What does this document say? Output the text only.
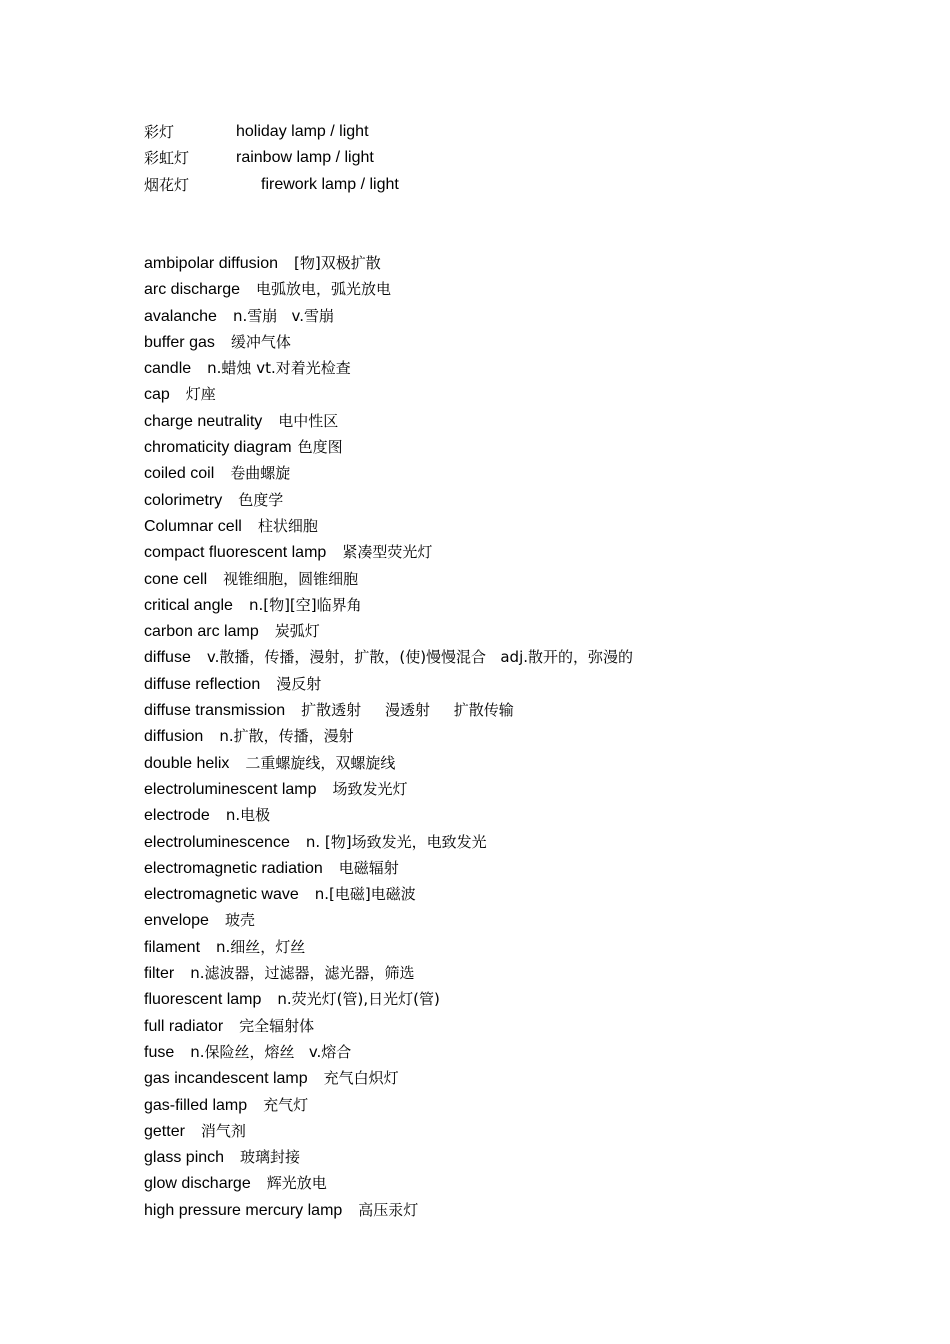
彩灯	holiday lamp / light
彩虹灯	rainbow lamp / light
烟花灯	firework lamp / light
ambipolar diffusion [物]双极扩散
arc discharge 电弧放电，弧光放电
avalanche n.雪崩   v.雪崩
buffer gas 缓冲气体
candle n.蜡烛 vt.对着光检查
cap 灯座
charge neutrality 电中性区
chromaticity diagram 色度图
coiled coil 卷曲螺旋
colorimetry 色度学
Columnar cell 柱状细胞
compact fluorescent lamp 紧凑型荧光灯
cone cell 视锥细胞，圆锥细胞
critical angle n.[物][空]临界角
carbon arc lamp 炭弧灯
diffuse v.散播，传播，漫射，扩散，(使)慢慢混合   adj.散开的，弥漫的
diffuse reflection 漫反射
diffuse transmission 扩散透射     漫透射     扩散传输
diffusion n.扩散，传播，漫射
double helix 二重螺旋线，双螺旋线
electroluminescent lamp 场致发光灯
electrode n.电极
electroluminescence n. [物]场致发光，电致发光
electromagnetic radiation 电磁辐射
electromagnetic wave n.[电磁]电磁波
envelope 玻壳
filament n.细丝，灯丝
filter n.滤波器，过滤器，滤光器，筛选
fluorescent lamp n.荧光灯(管),日光灯(管)
full radiator 完全辐射体
fuse n.保险丝，熔丝   v.熔合
gas incandescent lamp 充气白炽灯
gas-filled lamp 充气灯
getter 消气剂
glass pinch 玻璃封接
glow discharge 辉光放电
high pressure mercury lamp 高压汞灯
